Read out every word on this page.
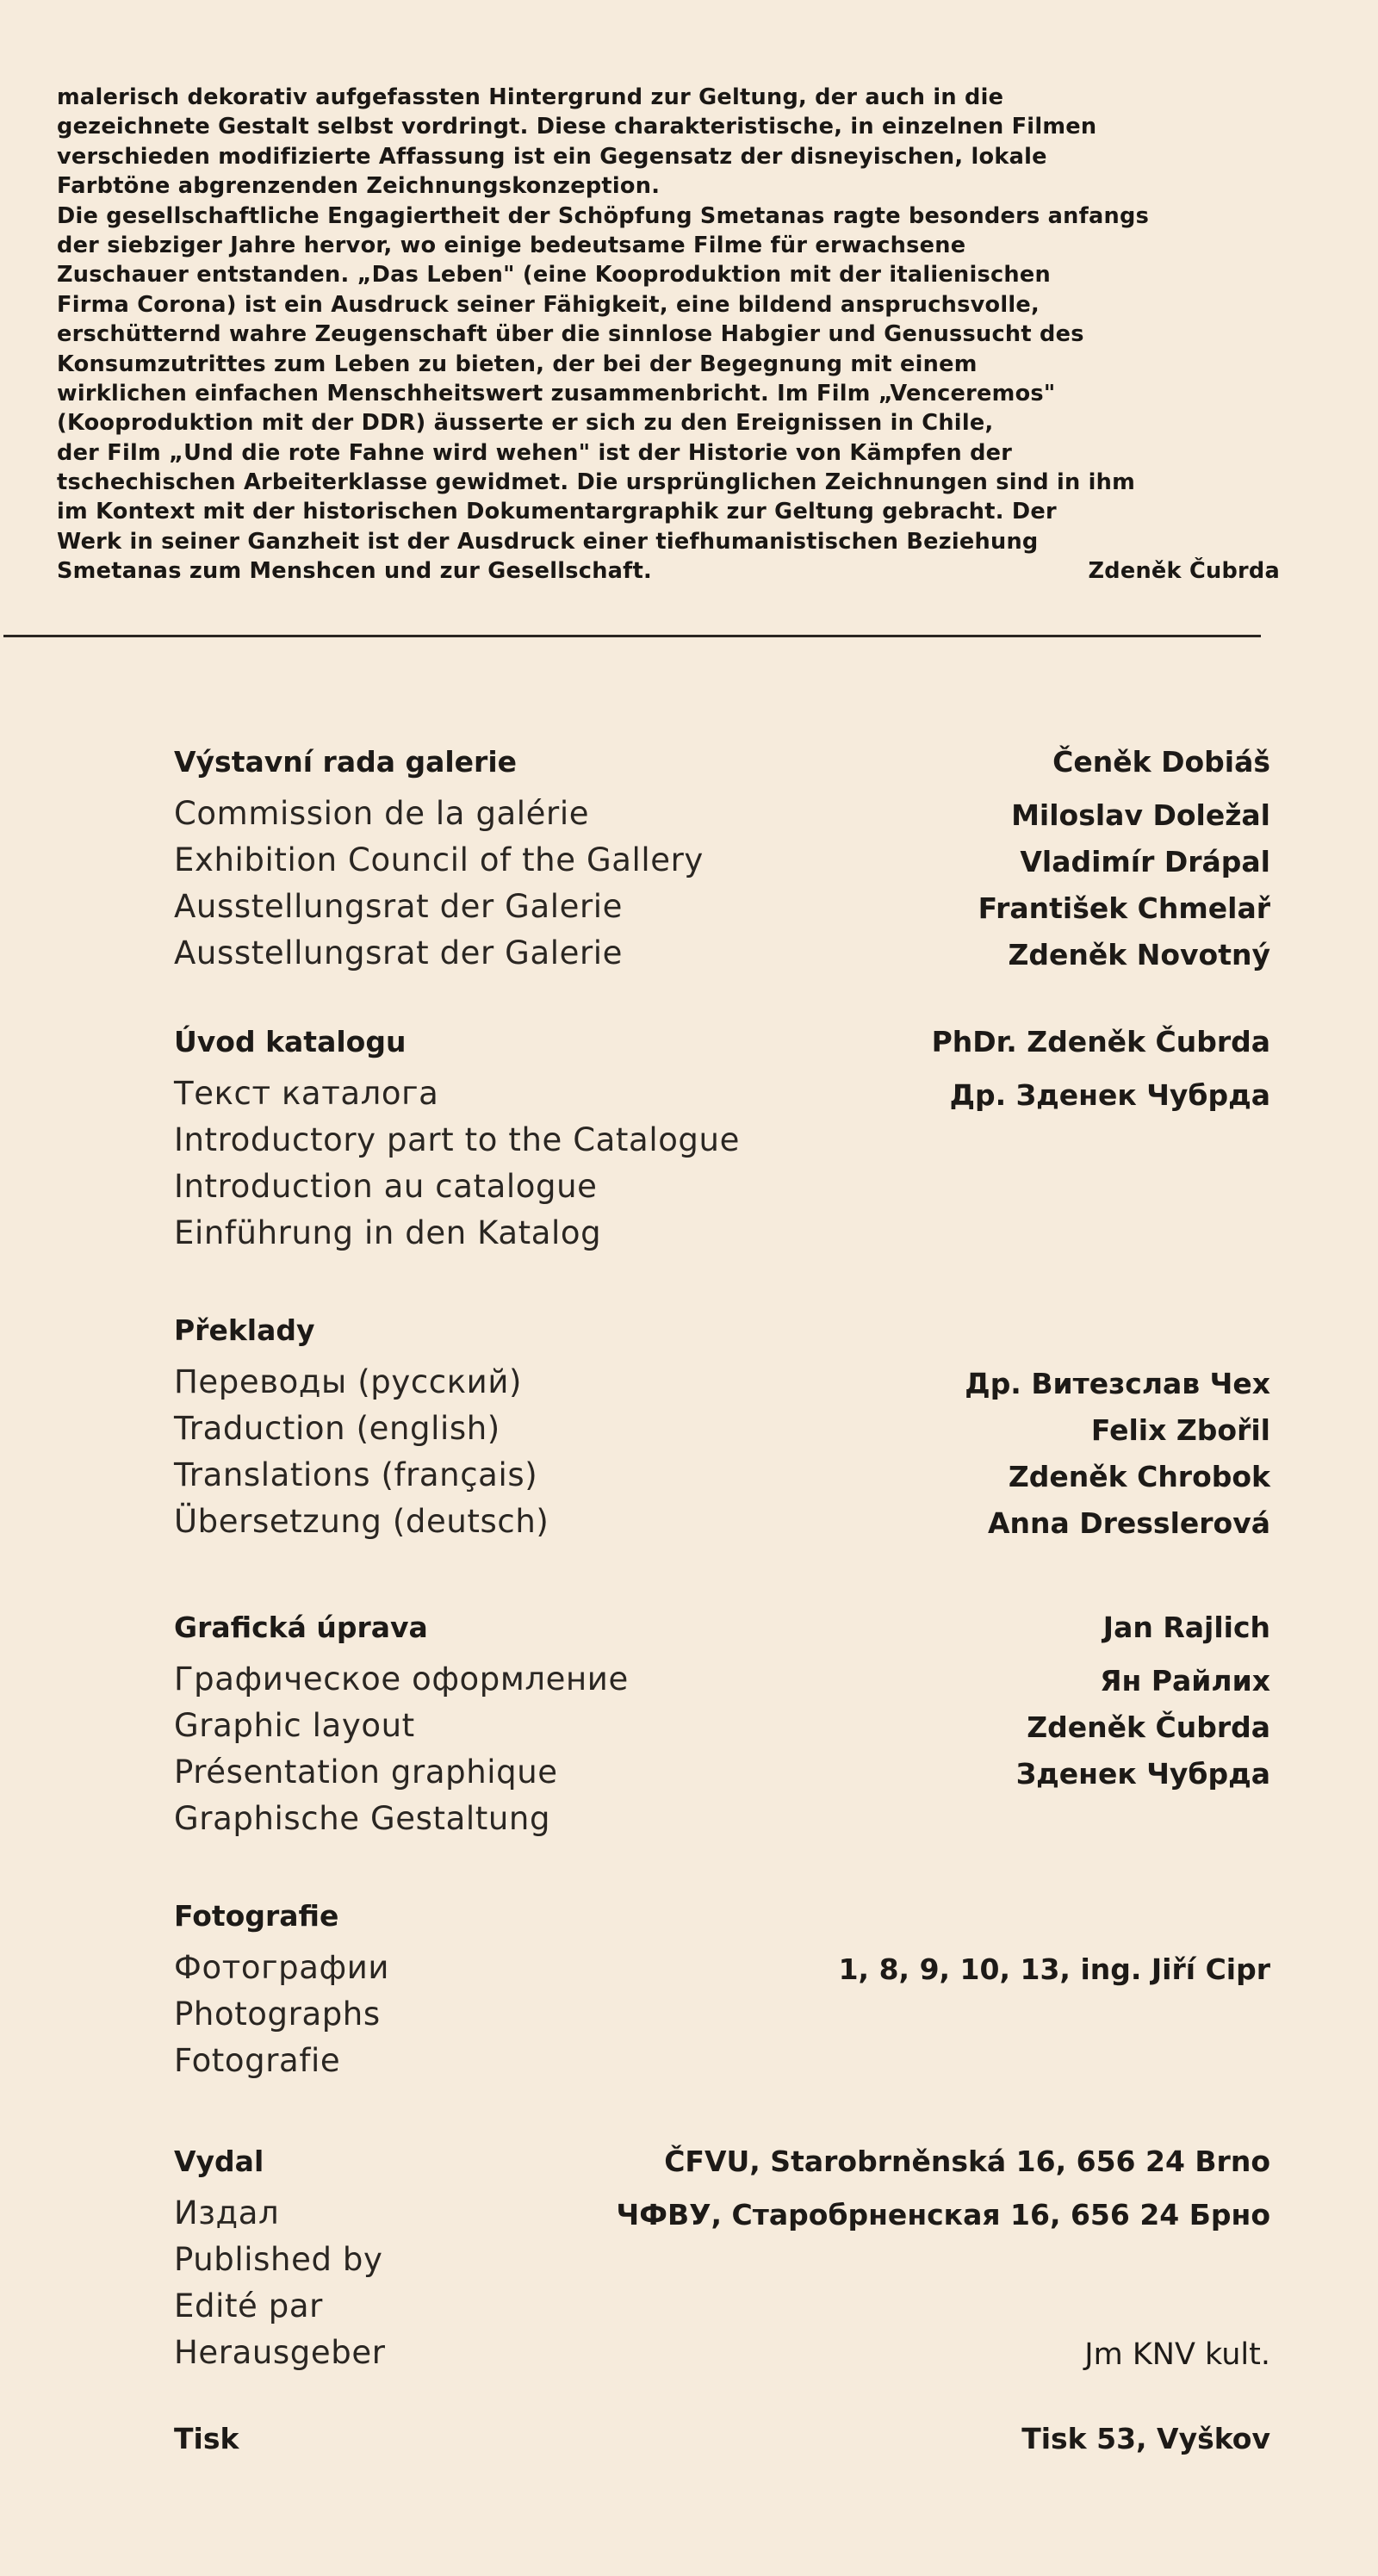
malerisch dekorativ aufgefassten Hintergrund zur Geltung, der auch in die
gezeichnete Gestalt selbst vordringt. Diese charakteristische, in einzelnen Filmen
verschieden modifizierte Affassung ist ein Gegensatz der disneyischen, lokale
Farbtöne abgrenzenden Zeichnungskonzeption.
Die gesellschaftliche Engagiertheit der Schöpfung Smetanas ragte besonders anfangs
der siebziger Jahre hervor, wo einige bedeutsame Filme für erwachsene
Zuschauer entstanden. „Das Leben" (eine Kooproduktion mit der italienischen
Firma Corona) ist ein Ausdruck seiner Fähigkeit, eine bildend anspruchsvolle,
erschütternd wahre Zeugenschaft über die sinnlose Habgier und Genussucht des
Konsumzutrittes zum Leben zu bieten, der bei der Begegnung mit einem
wirklichen einfachen Menschheitswert zusammenbricht. Im Film „Venceremos"
(Kooproduktion mit der DDR) äusserte er sich zu den Ereignissen in Chile,
der Film „Und die rote Fahne wird wehen" ist der Historie von Kämpfen der
tschechischen Arbeiterklasse gewidmet. Die ursprünglichen Zeichnungen sind in ihm
im Kontext mit der historischen Dokumentargraphik zur Geltung gebracht. Der
Werk in seiner Ganzheit ist der Ausdruck einer tiefhumanistischen Beziehung
Smetanas zum Menshcen und zur Gesellschaft.	Zdeněk Čubrda
Výstavní rada galerie
Commission de la galérie
Exhibition Council of the Gallery
Ausstellungsrat der Galerie
Ausstellungsrat der Galerie
Čeněk Dobiáš
Miloslav Doležal
Vladimír Drápal
František Chmelař
Zdeněk Novotný
Úvod katalogu
Текст каталога
Introductory part to the Catalogue
Introduction au catalogue
Einführung in den Katalog
PhDr. Zdeněk Čubrda
Др. Зденек Чубрда
Překlady
Переводы (русский)
Traduction (english)
Translations (français)
Übersetzung (deutsch)
Др. Витезслав Чех
Felix Zbořil
Zdeněk Chrobok
Anna Dresslerová
Grafická úprava
Графическое оформление
Graphic layout
Présentation graphique
Graphische Gestaltung
Jan Rajlich
Ян Райлих
Zdeněk Čubrda
Зденек Чубрда
Fotografie
Фотографии
Photographs
Fotografie
1, 8, 9, 10, 13, ing. Jiří Cipr
Vydal
Издал
Published by
Edité par
Herausgeber
ČFVU, Starobrněnská 16, 656 24 Brno
ЧФВУ, Старобрненская 16, 656 24 Брно
Jm KNV kult.
Tisk	Tisk 53, Vyškov
